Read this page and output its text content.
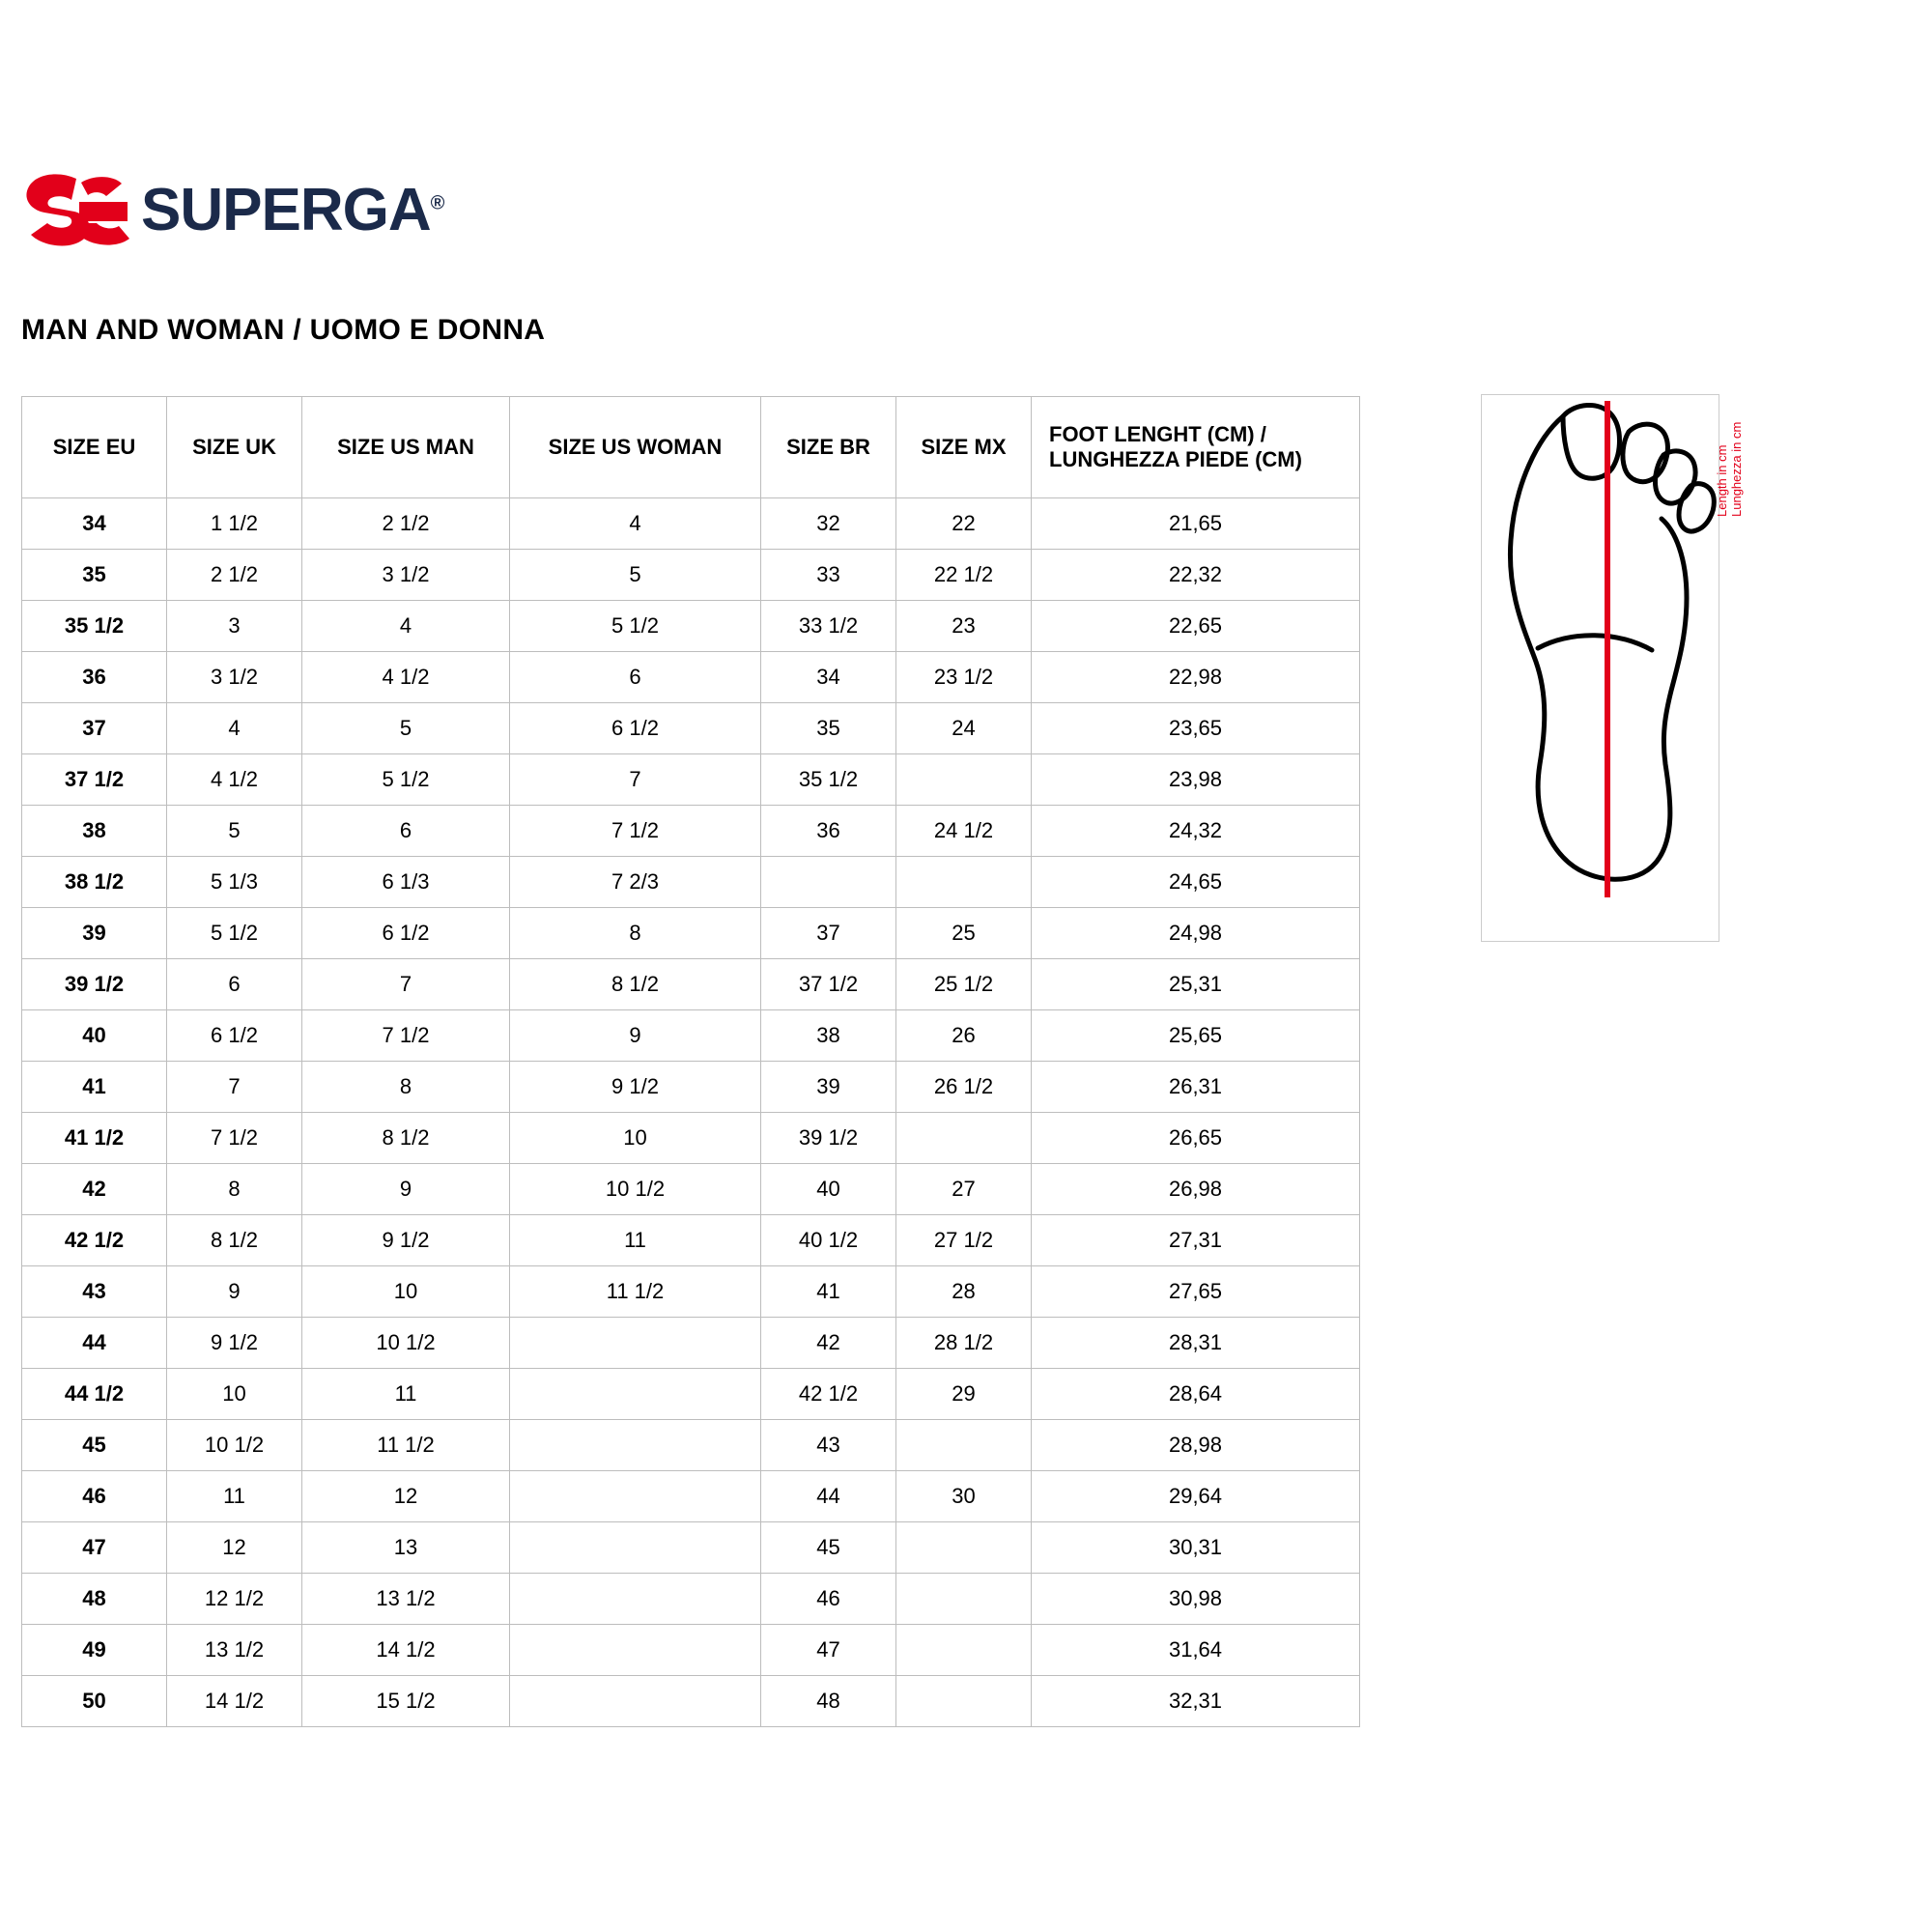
SUPERGA®
MAN AND WOMAN / UOMO E DONNA
SIZE EU	SIZE UK	SIZE US MAN	SIZE US WOMAN	SIZE BR	SIZE MX	FOOT LENGHT (CM) /
LUNGHEZZA PIEDE (CM)

34	1 1/2	2 1/2	4	32	22	21,65
35	2 1/2	3 1/2	5	33	22 1/2	22,32
35 1/2	3	4	5 1/2	33 1/2	23	22,65
36	3 1/2	4 1/2	6	34	23 1/2	22,98
37	4	5	6 1/2	35	24	23,65
37 1/2	4 1/2	5 1/2	7	35 1/2		23,98
38	5	6	7 1/2	36	24 1/2	24,32
38 1/2	5 1/3	6 1/3	7 2/3			24,65
39	5 1/2	6 1/2	8	37	25	24,98
39 1/2	6	7	8 1/2	37 1/2	25 1/2	25,31
40	6 1/2	7 1/2	9	38	26	25,65
41	7	8	9 1/2	39	26 1/2	26,31
41 1/2	7 1/2	8 1/2	10	39 1/2		26,65
42	8	9	10 1/2	40	27	26,98
42 1/2	8 1/2	9 1/2	11	40 1/2	27 1/2	27,31
43	9	10	11 1/2	41	28	27,65
44	9 1/2	10 1/2		42	28 1/2	28,31
44 1/2	10	11		42 1/2	29	28,64
45	10 1/2	11 1/2		43		28,98
46	11	12		44	30	29,64
47	12	13		45		30,31
48	12 1/2	13 1/2		46		30,98
49	13 1/2	14 1/2		47		31,64
50	14 1/2	15 1/2		48		32,31
Length in cm Lunghezza in cm
